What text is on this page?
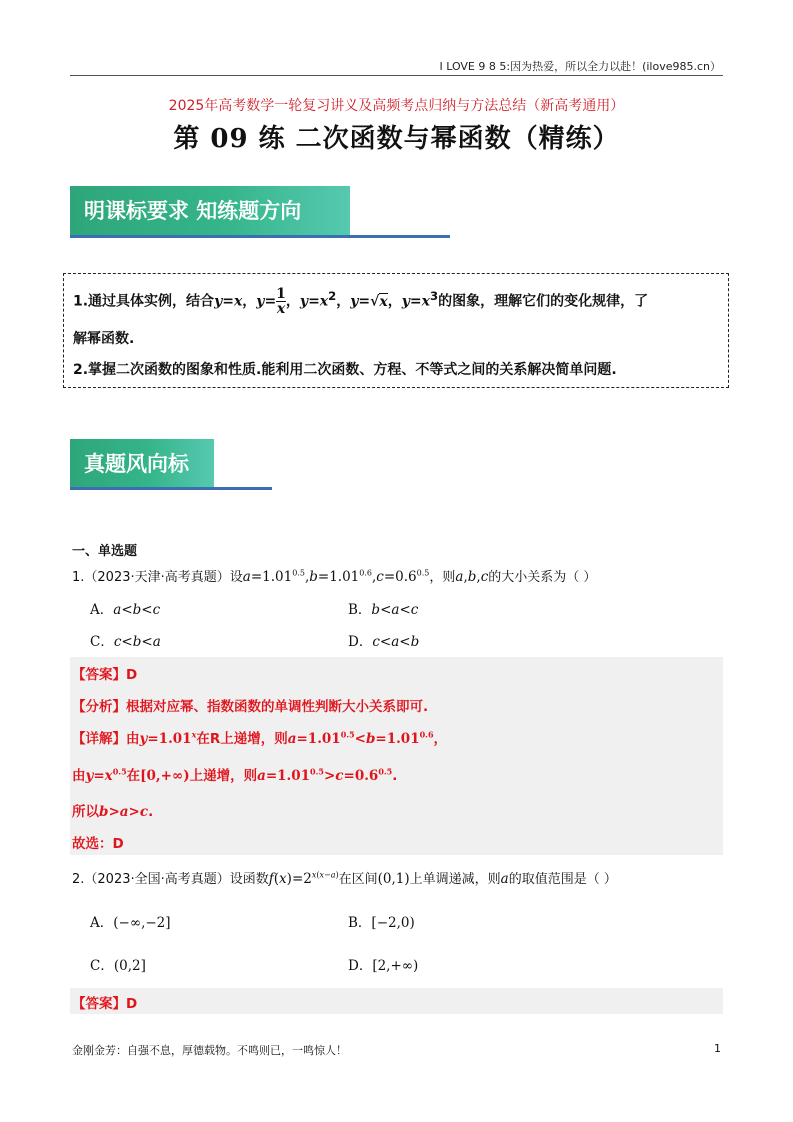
I LOVE 9 8 5:因为热爱，所以全力以赴！(ilove985.cn）
2025年高考数学一轮复习讲义及高频考点归纳与方法总结（新高考通用）
第 09 练 二次函数与幂函数（精练）
明课标要求 知练题方向
1.通过具体实例，结合y=x，$y= \frac{1}{x}$ ，$y=x^2$，y=√x，$y=x^3$的图象，理解它们的变化规律，了
解幂函数.
2.掌握二次函数的图象和性质.能利用二次函数、方程、不等式之间的关系解决简单问题.
真题风向标
一、单选题
1.（2023·天津·高考真题）设$a=1.01^{0.5},b=1.01^{0.6},c=0.6^{0.5}$，则a,b,c的大小关系为（ ）
A．a<b<c	B．b<a<c
C．c<b<a	D．c<a<b
【答案】D
【分析】根据对应幂、指数函数的单调性判断大小关系即可.
【详解】由$y=1.01^x$在R上递增，则$a=1.01^{0.5}<b=1.01^{0.6}$，
由$y=x^{0.5}$在[0,+∞)上递增，则$a=1.01^{0.5}>c=0.6^{0.5}$.
所以b>a>c.
故选：D
2.（2023·全国·高考真题）设函数$f(x)=2^{x(x-a)}$在区间(0,1)上单调递减，则a的取值范围是（ ）
A．(−∞,−2]	B．[−2,0)
C．(0,2]	D．[2,+∞)
【答案】D
金刚金芳：自强不息，厚德载物。不鸣则已，一鸣惊人！	1
